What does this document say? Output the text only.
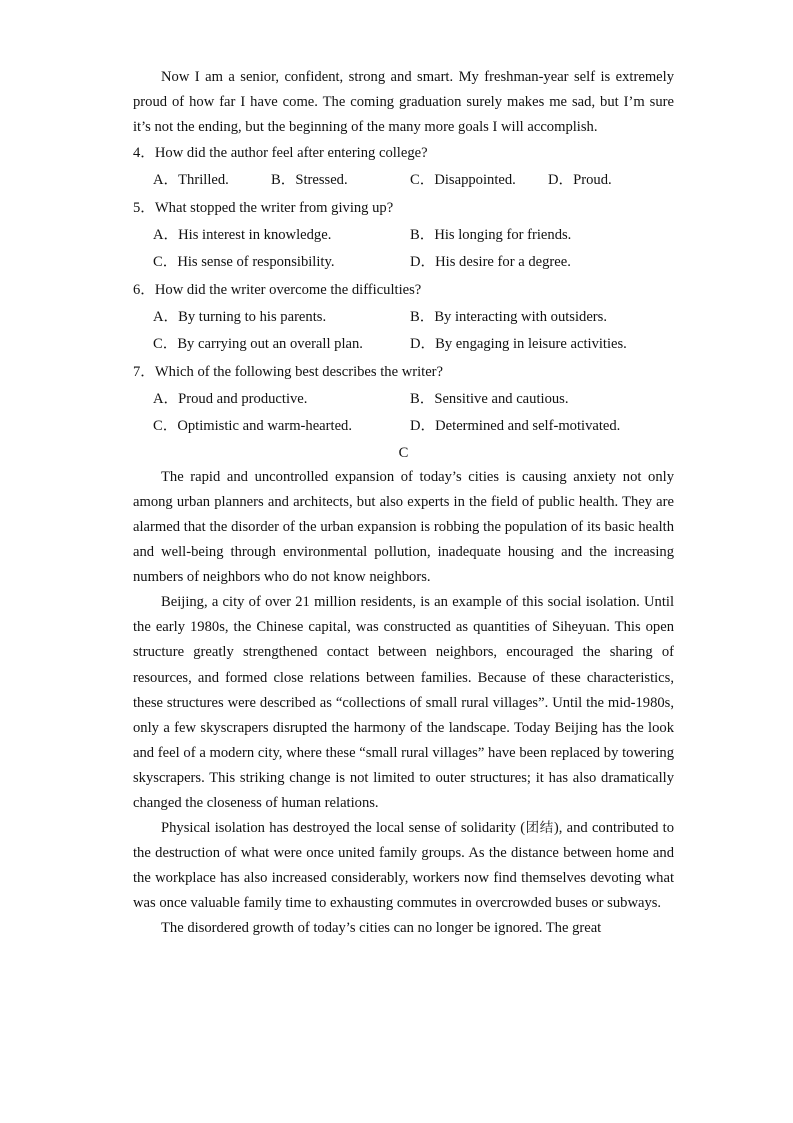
Now I am a senior, confident, strong and smart. My freshman-year self is extremely proud of how far I have come. The coming graduation surely makes me sad, but I’m sure it’s not the ending, but the beginning of the many more goals I will accomplish.

4．How did the author feel after entering college?

A．Thrilled.	B．Stressed.	C．Disappointed. D．Proud.

5．What stopped the writer from giving up?

A．His interest in knowledge.	B．His longing for friends.
C．His sense of responsibility.	D．His desire for a degree.

6．How did the writer overcome the difficulties?

A．By turning to his parents.	B．By interacting with outsiders.
C．By carrying out an overall plan.	D．By engaging in leisure activities.

7．Which of the following best describes the writer?

A．Proud and productive.	B．Sensitive and cautious.
C．Optimistic and warm-hearted.	D．Determined and self-motivated.

C

The rapid and uncontrolled expansion of today’s cities is causing anxiety not only among urban planners and architects, but also experts in the field of public health. They are alarmed that the disorder of the urban expansion is robbing the population of its basic health and well-being through environmental pollution, inadequate housing and the increasing numbers of neighbors who do not know neighbors.

Beijing, a city of over 21 million residents, is an example of this social isolation. Until the early 1980s, the Chinese capital, was constructed as quantities of Siheyuan. This open structure greatly strengthened contact between neighbors, encouraged the sharing of resources, and formed close relations between families. Because of these characteristics, these structures were described as “collections of small rural villages”. Until the mid-1980s, only a few skyscrapers disrupted the harmony of the landscape. Today Beijing has the look and feel of a modern city, where these “small rural villages” have been replaced by towering skyscrapers. This striking change is not limited to outer structures; it has also dramatically changed the closeness of human relations.

Physical isolation has destroyed the local sense of solidarity (团结), and contributed to the destruction of what were once united family groups. As the distance between home and the workplace has also increased considerably, workers now find themselves devoting what was once valuable family time to exhausting commutes in overcrowded buses or subways.

The disordered growth of today’s cities can no longer be ignored. The great
